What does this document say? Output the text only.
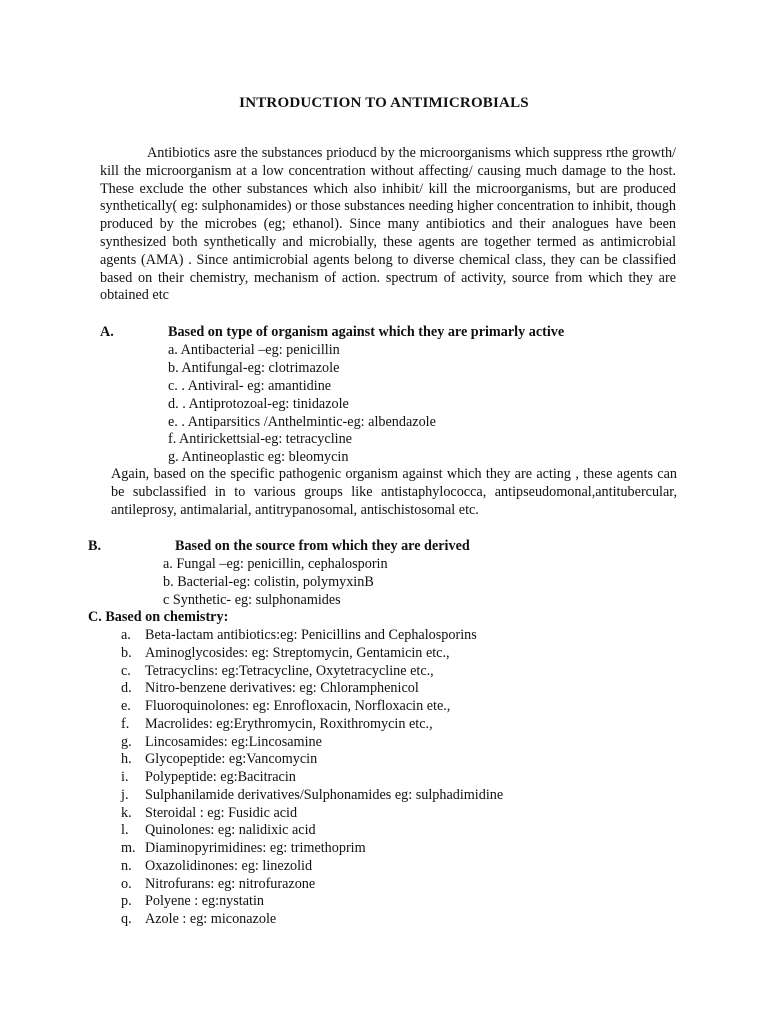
INTRODUCTION TO ANTIMICROBIALS
Antibiotics asre the substances prioducd by the microorganisms which suppress rthe growth/ kill the microorganism at a low concentration without affecting/ causing much damage to the host. These exclude the other substances which also inhibit/ kill the microorganisms, but are produced synthetically( eg: sulphonamides) or those substances needing higher concentration to inhibit, though produced by the microbes (eg; ethanol). Since many antibiotics and their analogues have been synthesized both synthetically and microbially, these agents are together termed as antimicrobial agents (AMA) . Since antimicrobial agents belong to diverse chemical class, they can be classified based on their chemistry, mechanism of action. spectrum of activity, source from which they are obtained etc
A.	Based on type of organism against which they are primarly active
a. Antibacterial –eg: penicillin
b. Antifungal-eg: clotrimazole
c. . Antiviral- eg: amantidine
d. . Antiprotozoal-eg: tinidazole
e. . Antiparsitics /Anthelmintic-eg: albendazole
f. Antirickettsial-eg: tetracycline
g. Antineoplastic eg: bleomycin
Again, based on the specific pathogenic organism against which they are acting , these agents can be subclassified in to various groups like antistaphylococca, antipseudomonal,antitubercular, antileprosy, antimalarial, antitrypanosomal, antischistosomal etc.
B.	Based on the source from which they are derived
a. Fungal –eg: penicillin, cephalosporin
b. Bacterial-eg: colistin, polymyxinB
c Synthetic- eg: sulphonamides
C. Based on chemistry:
a. Beta-lactam antibiotics:eg: Penicillins and Cephalosporins
b. Aminoglycosides: eg: Streptomycin, Gentamicin etc.,
c. Tetracyclins: eg:Tetracycline, Oxytetracycline etc.,
d. Nitro-benzene derivatives: eg: Chloramphenicol
e. Fluoroquinolones: eg: Enrofloxacin, Norfloxacin ete.,
f. Macrolides: eg:Erythromycin, Roxithromycin etc.,
g. Lincosamides: eg:Lincosamine
h. Glycopeptide: eg:Vancomycin
i. Polypeptide: eg:Bacitracin
j. Sulphanilamide derivatives/Sulphonamides eg: sulphadimidine
k. Steroidal : eg: Fusidic acid
l. Quinolones: eg: nalidixic acid
m. Diaminopyrimidines: eg: trimethoprim
n. Oxazolidinones: eg: linezolid
o. Nitrofurans: eg: nitrofurazone
p. Polyene : eg:nystatin
q. Azole : eg: miconazole
